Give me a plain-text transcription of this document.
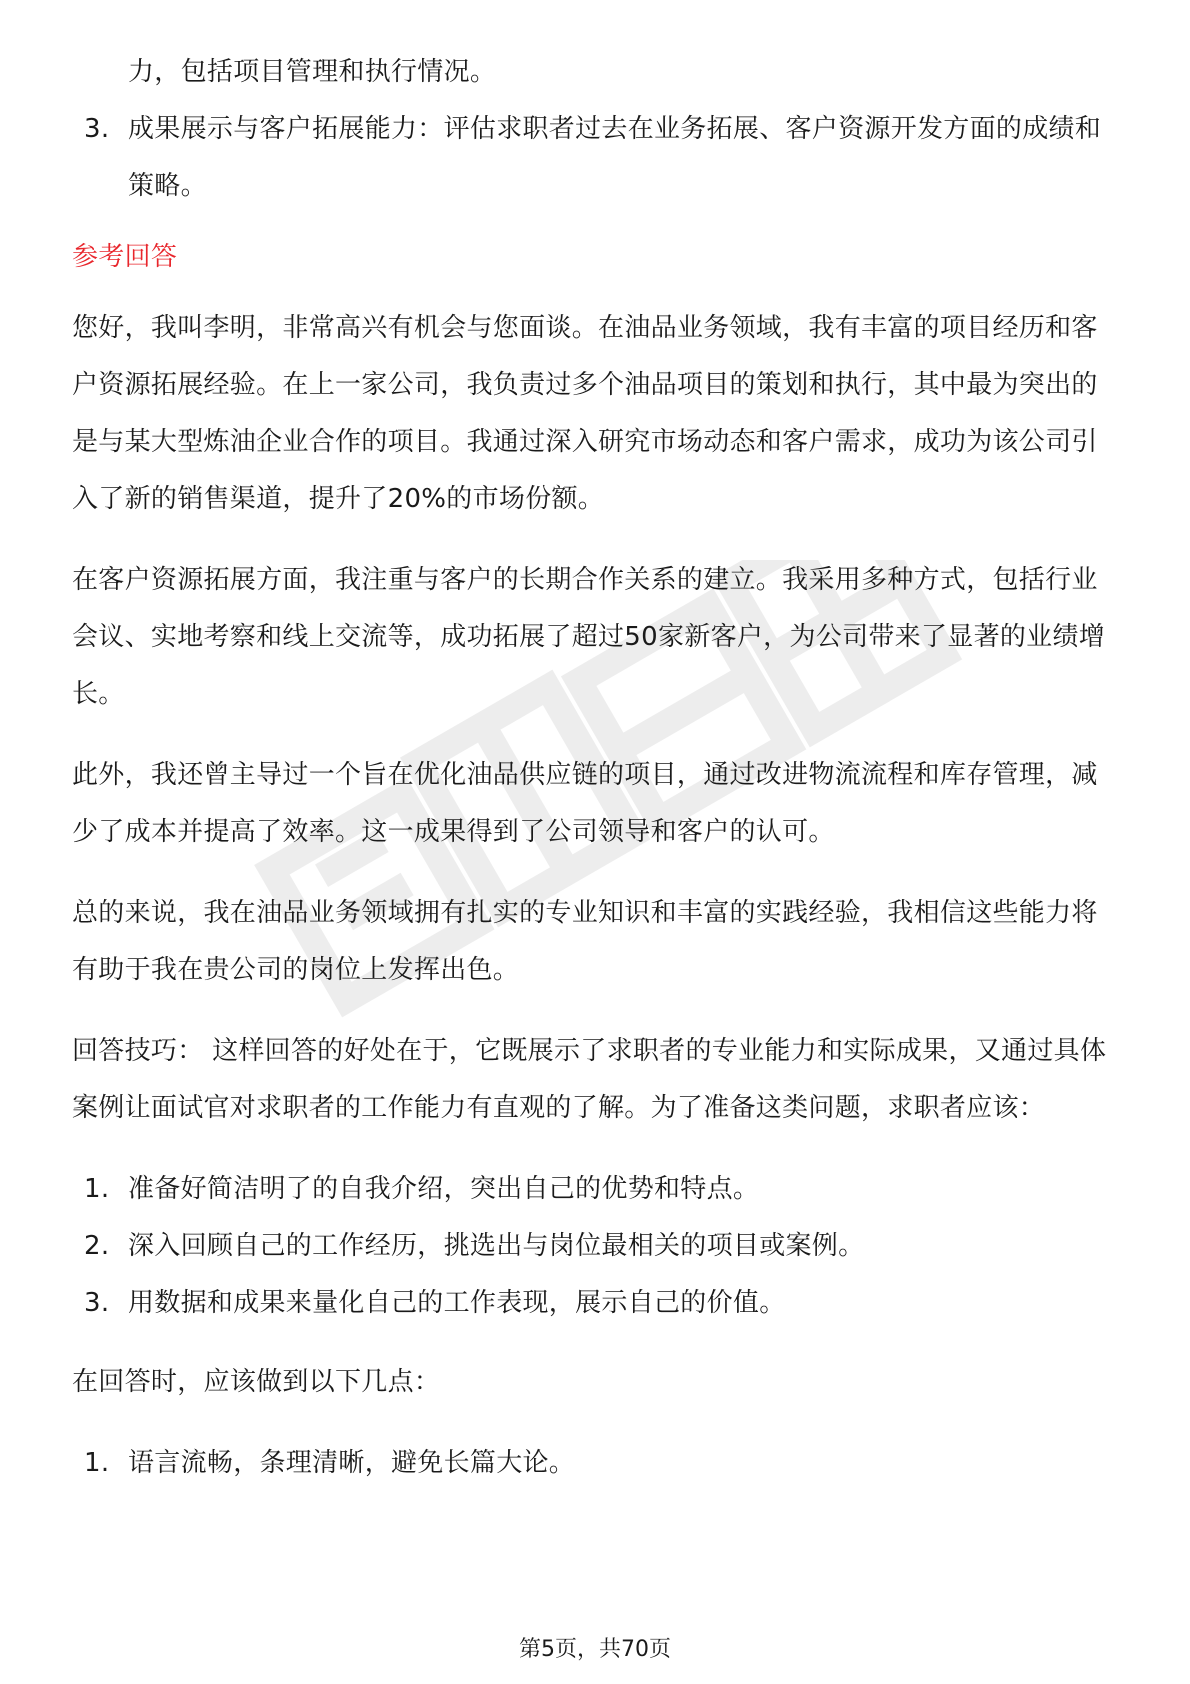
力，包括项目管理和执行情况。
3. 成果展示与客户拓展能力：评估求职者过去在业务拓展、客户资源开发方面的成绩和策略。
参考回答
您好，我叫李明，非常高兴有机会与您面谈。在油品业务领域，我有丰富的项目经历和客户资源拓展经验。在上一家公司，我负责过多个油品项目的策划和执行，其中最为突出的是与某大型炼油企业合作的项目。我通过深入研究市场动态和客户需求，成功为该公司引入了新的销售渠道，提升了20%的市场份额。
在客户资源拓展方面，我注重与客户的长期合作关系的建立。我采用多种方式，包括行业会议、实地考察和线上交流等，成功拓展了超过50家新客户，为公司带来了显著的业绩增长。
此外，我还曾主导过一个旨在优化油品供应链的项目，通过改进物流流程和库存管理，减少了成本并提高了效率。这一成果得到了公司领导和客户的认可。
总的来说，我在油品业务领域拥有扎实的专业知识和丰富的实践经验，我相信这些能力将有助于我在贵公司的岗位上发挥出色。
回答技巧： 这样回答的好处在于，它既展示了求职者的专业能力和实际成果，又通过具体案例让面试官对求职者的工作能力有直观的了解。为了准备这类问题，求职者应该：
1. 准备好简洁明了的自我介绍，突出自己的优势和特点。
2. 深入回顾自己的工作经历，挑选出与岗位最相关的项目或案例。
3. 用数据和成果来量化自己的工作表现，展示自己的价值。
在回答时，应该做到以下几点：
1. 语言流畅，条理清晰，避免长篇大论。
第5页，共70页
